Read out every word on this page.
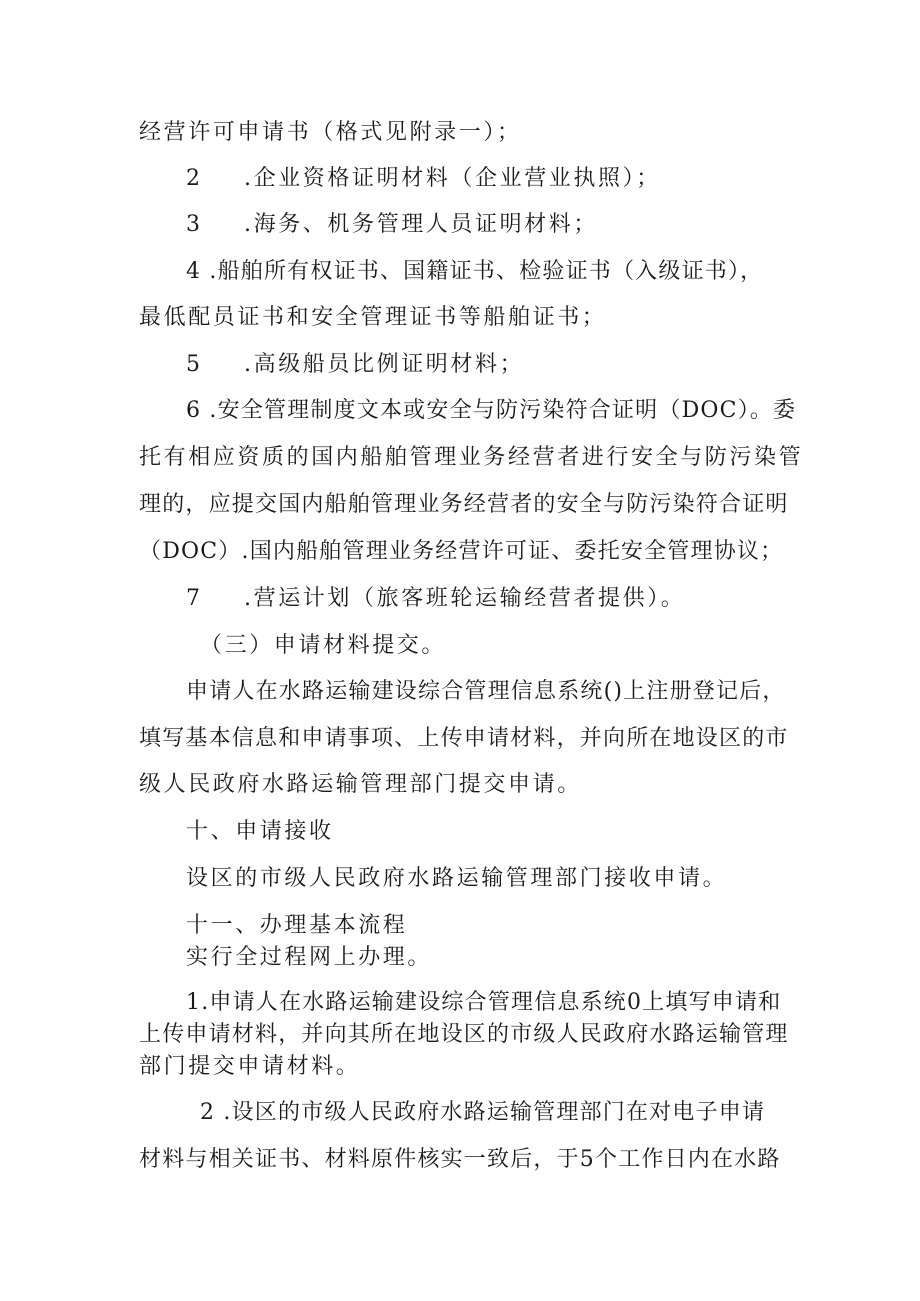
经营许可申请书（格式见附录一）；

2 .企业资格证明材料（企业营业执照）；

3 .海务、机务管理人员证明材料；

4 .船舶所有权证书、国籍证书、检验证书（入级证书），

最低配员证书和安全管理证书等船舶证书；

5 .高级船员比例证明材料；

6 .安全管理制度文本或安全与防污染符合证明（DOC）。委

托有相应资质的国内船舶管理业务经营者进行安全与防污染管

理的，应提交国内船舶管理业务经营者的安全与防污染符合证明

（DOC）.国内船舶管理业务经营许可证、委托安全管理协议；

7 .营运计划（旅客班轮运输经营者提供）。

（三）申请材料提交。

申请人在水路运输建设综合管理信息系统()上注册登记后，

填写基本信息和申请事项、上传申请材料，并向所在地设区的市

级人民政府水路运输管理部门提交申请。

十、申请接收

设区的市级人民政府水路运输管理部门接收申请。

十一、办理基本流程

实行全过程网上办理。

1.申请人在水路运输建设综合管理信息系统0上填写申请和

上传申请材料，并向其所在地设区的市级人民政府水路运输管理

部门提交申请材料。

2 .设区的市级人民政府水路运输管理部门在对电子申请

材料与相关证书、材料原件核实一致后，于5个工作日内在水路
